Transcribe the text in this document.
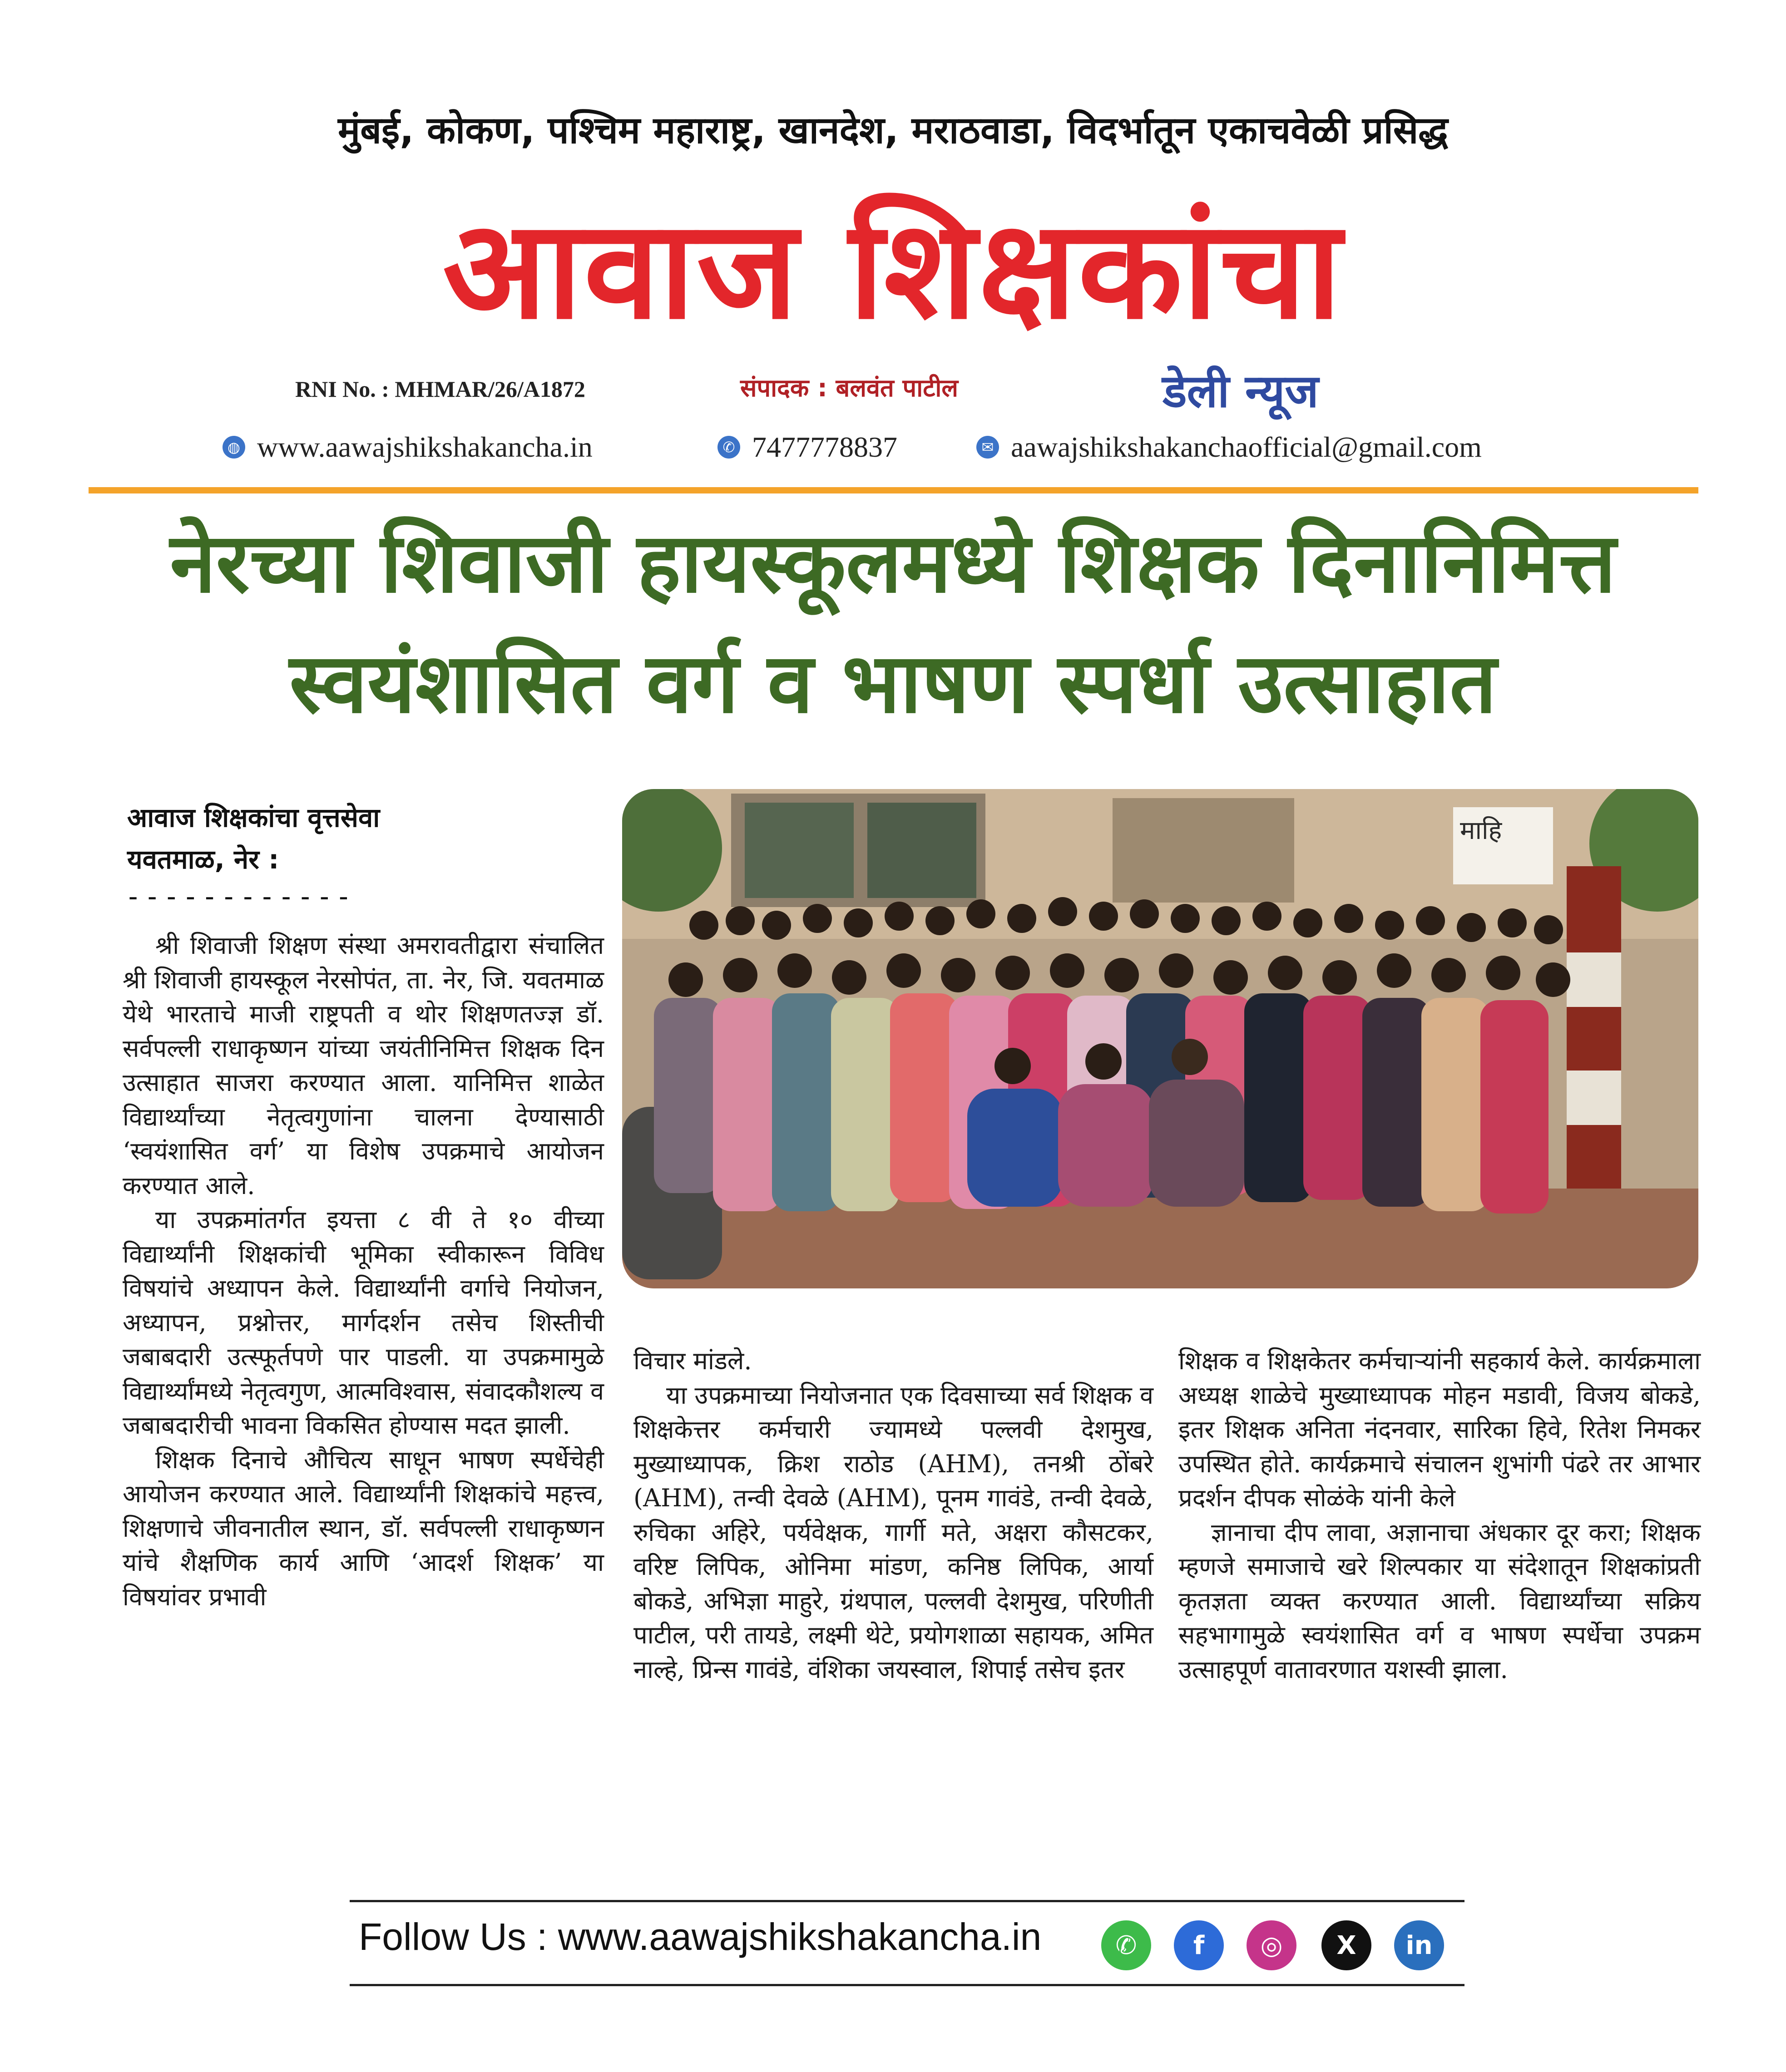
मुंबई, कोकण, पश्चिम महाराष्ट्र, खानदेश, मराठवाडा, विदर्भातून एकाचवेळी प्रसिद्ध
आवाज शिक्षकांचा
RNI No. : MHMAR/26/A1872	संपादक : बलवंत पाटील	डेली न्यूज
◍ www.aawajshikshakancha.in	✆ 7477778837	✉ aawajshikshakanchaofficial@gmail.com
नेरच्या शिवाजी हायस्कूलमध्ये शिक्षक दिनानिमित्त
स्वयंशासित वर्ग व भाषण स्पर्धा उत्साहात
आवाज शिक्षकांचा वृत्तसेवा
यवतमाळ, नेर :
------------
माहि

श्री शिवाजी शिक्षण संस्था अमरावतीद्वारा संचालित श्री शिवाजी हायस्कूल नेरसोपंत, ता. नेर, जि. यवतमाळ येथे भारताचे माजी राष्ट्रपती व थोर शिक्षणतज्ज्ञ डॉ. सर्वपल्ली राधाकृष्णन यांच्या जयंतीनिमित्त शिक्षक दिन उत्साहात साजरा करण्यात आला. यानिमित्त शाळेत विद्यार्थ्यांच्या नेतृत्वगुणांना चालना देण्यासाठी ‘स्वयंशासित वर्ग’ या विशेष उपक्रमाचे आयोजन करण्यात आले.

या उपक्रमांतर्गत इयत्ता ८ वी ते १० वीच्या विद्यार्थ्यांनी शिक्षकांची भूमिका स्वीकारून विविध विषयांचे अध्यापन केले. विद्यार्थ्यांनी वर्गाचे नियोजन, अध्यापन, प्रश्नोत्तर, मार्गदर्शन तसेच शिस्तीची जबाबदारी उत्स्फूर्तपणे पार पाडली. या उपक्रमामुळे विद्यार्थ्यांमध्ये नेतृत्वगुण, आत्मविश्वास, संवादकौशल्य व जबाबदारीची भावना विकसित होण्यास मदत झाली.

शिक्षक दिनाचे औचित्य साधून भाषण स्पर्धेचेही आयोजन करण्यात आले. विद्यार्थ्यांनी शिक्षकांचे महत्त्व, शिक्षणाचे जीवनातील स्थान, डॉ. सर्वपल्ली राधाकृष्णन यांचे शैक्षणिक कार्य आणि ‘आदर्श शिक्षक’ या विषयांवर प्रभावी

विचार मांडले.

या उपक्रमाच्या नियोजनात एक दिवसाच्या सर्व शिक्षक व शिक्षकेत्तर कर्मचारी ज्यामध्ये पल्लवी देशमुख, मुख्याध्यापक, क्रिश राठोड (AHM), तनश्री ठोंबरे (AHM), तन्वी देवळे (AHM), पूनम गावंडे, तन्वी देवळे, रुचिका अहिरे, पर्यवेक्षक, गार्गी मते, अक्षरा कौसटकर, वरिष्ट लिपिक, ओनिमा मांडण, कनिष्ठ लिपिक, आर्या बोकडे, अभिज्ञा माहुरे, ग्रंथपाल, पल्लवी देशमुख, परिणीती पाटील, परी तायडे, लक्ष्मी थेटे, प्रयोगशाळा सहायक, अमित नाल्हे, प्रिन्स गावंडे, वंशिका जयस्वाल, शिपाई तसेच इतर

शिक्षक व शिक्षकेतर कर्मचाऱ्यांनी सहकार्य केले. कार्यक्रमाला अध्यक्ष शाळेचे मुख्याध्यापक मोहन मडावी, विजय बोकडे, इतर शिक्षक अनिता नंदनवार, सारिका हिवे, रितेश निमकर उपस्थित होते. कार्यक्रमाचे संचालन शुभांगी पंढरे तर आभार प्रदर्शन दीपक सोळंके यांनी केले

ज्ञानाचा दीप लावा, अज्ञानाचा अंधकार दूर करा; शिक्षक म्हणजे समाजाचे खरे शिल्पकार या संदेशातून शिक्षकांप्रती कृतज्ञता व्यक्त करण्यात आली. विद्यार्थ्यांच्या सक्रिय सहभागामुळे स्वयंशासित वर्ग व भाषण स्पर्धेचा उपक्रम उत्साहपूर्ण वातावरणात यशस्वी झाला.

Follow Us : www.aawajshikshakancha.in	✆ f ◎ X in
